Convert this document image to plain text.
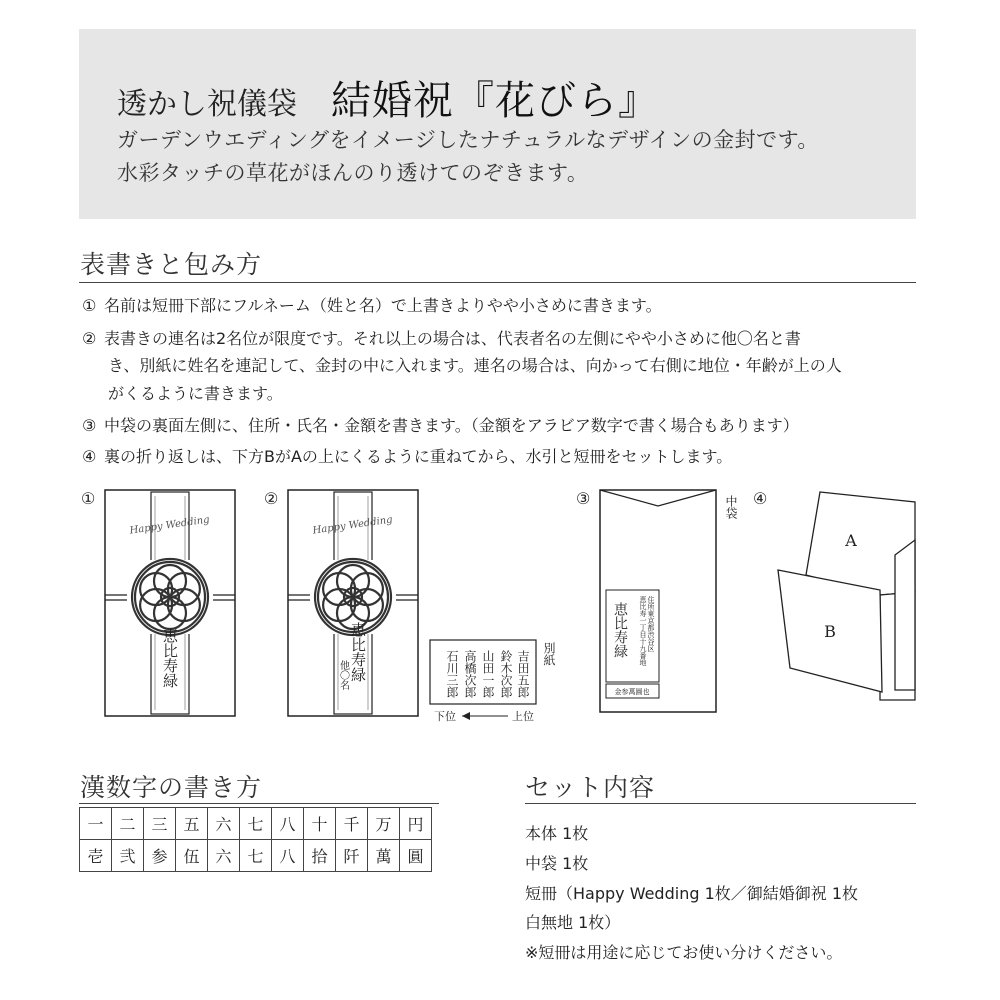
透かし祝儀袋 結婚祝『花びら』
ガーデンウエディングをイメージしたナチュラルなデザインの金封です。
水彩タッチの草花がほんのり透けてのぞきます。
表書きと包み方
① 名前は短冊下部にフルネーム（姓と名）で上書きよりやや小さめに書きます。
② 表書きの連名は2名位が限度です。それ以上の場合は、代表者名の左側にやや小さめに他〇名と書
き、別紙に姓名を連記して、金封の中に入れます。連名の場合は、向かって右側に地位・年齢が上の人
がくるように書きます。
③ 中袋の裏面左側に、住所・氏名・金額を書きます。（金額をアラビア数字で書く場合もあります）
④ 裏の折り返しは、下方BがAの上にくるように重ねてから、水引と短冊をセットします。
①
Happy Wedding
恵比寿緑
②
Happy Wedding
恵比寿緑
他〇名	吉田五郎
鈴木次郎
山田一郎
高橋次郎
石川三郎	別紙
下位	上位
③
恵比寿緑	住所東京都渋谷区
恵比寿一丁目十九番地
金参萬圓也
中袋 ④
A
B
漢数字の書き方
一	二	三	五	六	七	八	十	千	万	円
壱	弐	参	伍	六	七	八	拾	阡	萬	圓
セット内容
本体 1枚
中袋 1枚
短冊（Happy Wedding 1枚／御結婚御祝 1枚
白無地 1枚）
※短冊は用途に応じてお使い分けください。
